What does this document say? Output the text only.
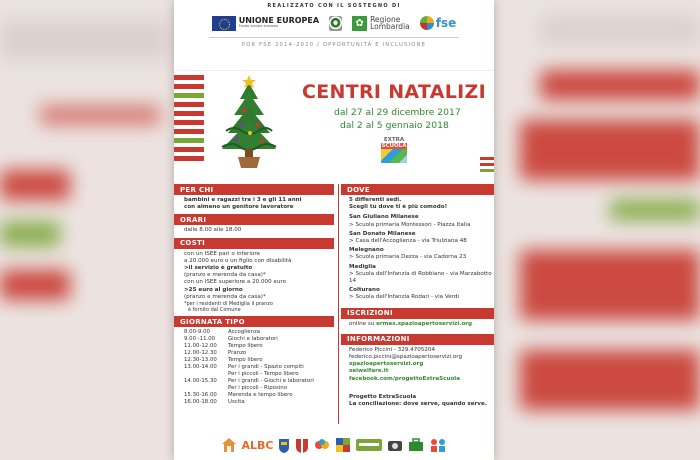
REALIZZATO CON IL SOSTEGNO DI
UNIONE EUROPEA
Fondo sociale europeo	✿ Regione
Lombardia fse
POR FSE 2014-2020 / OPPORTUNITÀ E INCLUSIONE
CENTRI NATALIZI
dal 27 al 29 dicembre 2017
dal 2 al 5 gennaio 2018
EXTRA
SCUOLA
PER CHI
bambini e ragazzi tra i 3 e gli 11 anni
con almeno un genitore lavoratore
ORARI
dalle 8.00 alle 18.00
COSTI
con un ISEE pari o inferiore
a 20.000 euro o un figlio con disabilità
>il servizio è gratuito
(pranzo e merenda da casa)*
con un ISEE superiore a 20.000 euro
>25 euro al giorno
(pranzo e merenda da casa)*
*per i residenti di Mediglia il pranzo
è fornito dal Comune
GIORNATA TIPO
8.00-9.00	Accoglienza
9.00 -11.00	Giochi e laboratori
11.00-12.00	Tempo libero
12.00-12.30	Pranzo
12.30-13.00	Tempo libero
13.00-14.00	Per i grandi - Spazio compiti
Per i piccoli - Tempo libero
14.00-15.30	Per i grandi - Giochi e laboratori
Per i piccoli - Riposino
15.30-16.00	Merenda e tempo libero
16.00-18.00	Uscita
DOVE
5 differenti sedi.
Scegli tu dove ti è più comodo!
San Giuliano Milanese
> Scuola primaria Montessori - Piazza Italia
San Donato Milanese
> Casa dell'Accoglienza - via Triulziana 48
Melegnano
> Scuola primaria Dezza - via Cadorna 23
Mediglia
> Scuola dell'Infanzia di Robbiano - via Marzabotto 14
Colturano
> Scuola dell'Infanzia Rodari - via Verdi
ISCRIZIONI
online su ermes.spazioapertoservizi.org
INFORMAZIONI
Federico Piccini - 329.4705204
federico.piccini@spazioapertoservizi.org
spazioapertoservizi.org
seiwelfare.it
facebook.com/progettoExtraScuola
Progetto ExtraScuola
La conciliazione: dove serve, quando serve.
ALBC
